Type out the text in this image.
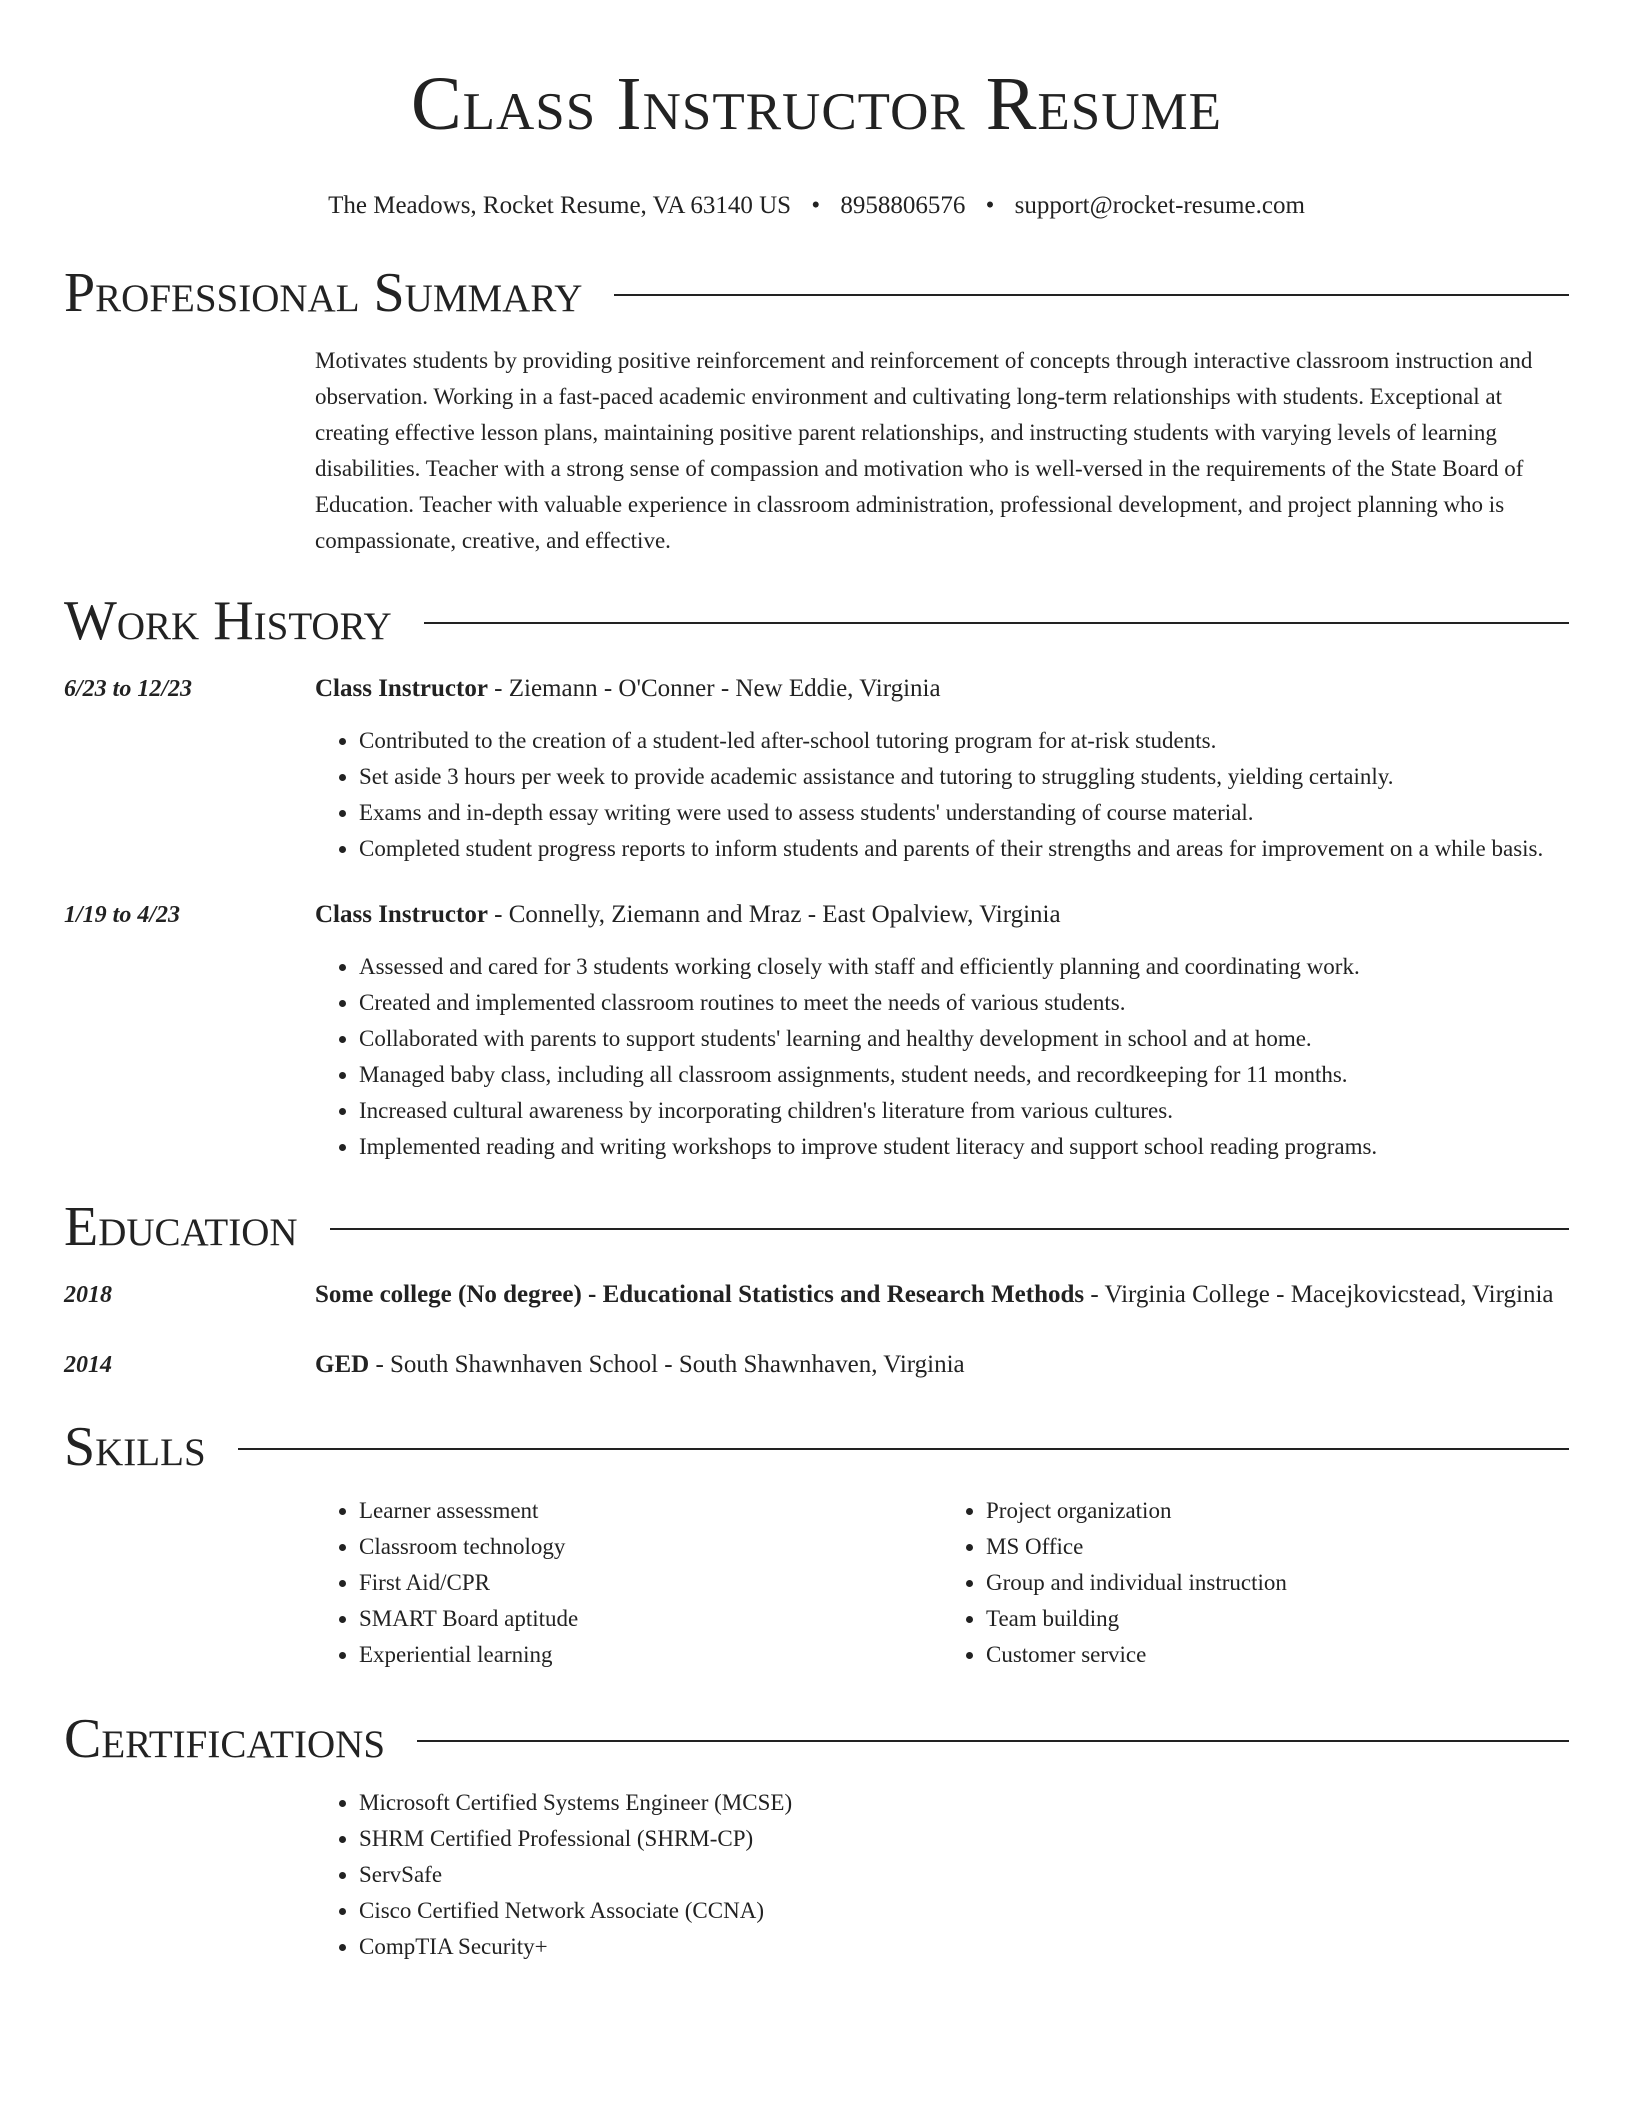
Class Instructor Resume
The Meadows, Rocket Resume, VA 63140 US • 8958806576 • support@rocket-resume.com
Professional Summary
Motivates students by providing positive reinforcement and reinforcement of concepts through interactive classroom instruction and observation. Working in a fast-paced academic environment and cultivating long-term relationships with students. Exceptional at creating effective lesson plans, maintaining positive parent relationships, and instructing students with varying levels of learning disabilities. Teacher with a strong sense of compassion and motivation who is well-versed in the requirements of the State Board of Education. Teacher with valuable experience in classroom administration, professional development, and project planning who is compassionate, creative, and effective.
Work History
6/23 to 12/23	Class Instructor - Ziemann - O'Conner - New Eddie, Virginia
• Contributed to the creation of a student-led after-school tutoring program for at-risk students.
• Set aside 3 hours per week to provide academic assistance and tutoring to struggling students, yielding certainly.
• Exams and in-depth essay writing were used to assess students' understanding of course material.
• Completed student progress reports to inform students and parents of their strengths and areas for improvement on a while basis.
1/19 to 4/23	Class Instructor - Connelly, Ziemann and Mraz - East Opalview, Virginia
• Assessed and cared for 3 students working closely with staff and efficiently planning and coordinating work.
• Created and implemented classroom routines to meet the needs of various students.
• Collaborated with parents to support students' learning and healthy development in school and at home.
• Managed baby class, including all classroom assignments, student needs, and recordkeeping for 11 months.
• Increased cultural awareness by incorporating children's literature from various cultures.
• Implemented reading and writing workshops to improve student literacy and support school reading programs.
Education
2018	Some college (No degree) - Educational Statistics and Research Methods - Virginia College - Macejkovicstead, Virginia
2014	GED - South Shawnhaven School - South Shawnhaven, Virginia
Skills
• Learner assessment
• Classroom technology
• First Aid/CPR
• SMART Board aptitude
• Experiential learning
• Project organization
• MS Office
• Group and individual instruction
• Team building
• Customer service
Certifications
• Microsoft Certified Systems Engineer (MCSE)
• SHRM Certified Professional (SHRM-CP)
• ServSafe
• Cisco Certified Network Associate (CCNA)
• CompTIA Security+
